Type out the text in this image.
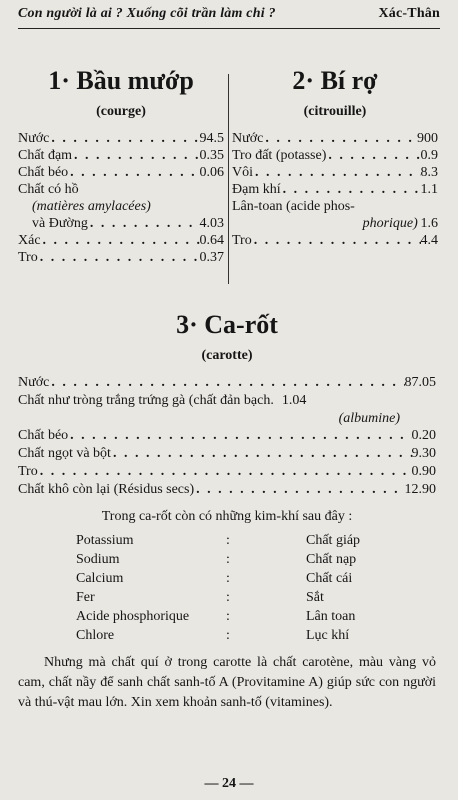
Con người là ai ? Xuống cõi trần làm chi ?	Xác-Thân
1· Bầu mướp
(courge)
Nước . . .	94.5
Chất đạm . . .	0.35
Chất béo . . .	0.06
Chất có hồ
(matières amylacées)
và Đường . . .	4.03
Xác . . .	0.64
Tro . . .	0.37
2· Bí rợ
(citrouille)
Nước . . .	900
Tro đất (potasse) . . .	0.9
Vôi . . .	8.3
Đạm khí . . .	1.1
Lân-toan (acide phos-
phorique) 1.6
Tro . . .	4.4
3· Ca-rốt
(carotte)
Nước . . .	87.05
Chất như tròng trắng trứng gà (chất đản bạch. 1.04
(albumine)
Chất béo . . .	0.20
Chất ngọt và bột . . .	9.30
Tro . . .	0.90
Chất khô còn lại (Résidus secs) . . .	12.90
Trong ca-rốt còn có những kim-khí sau đây :
Potassium	:	Chất giáp
Sodium	:	Chất nạp
Calcium	:	Chất cái
Fer	:	Sắt
Acide phosphorique	:	Lân toan
Chlore	:	Lục khí

Nhưng mà chất quí ở trong carotte là chất carotène, màu vàng vỏ cam, chất nầy để sanh chất sanh-tố A (Provitamine A) giúp sức con người và thú-vật mau lớn. Xin xem khoản sanh-tố (vitamines).

— 24 —
